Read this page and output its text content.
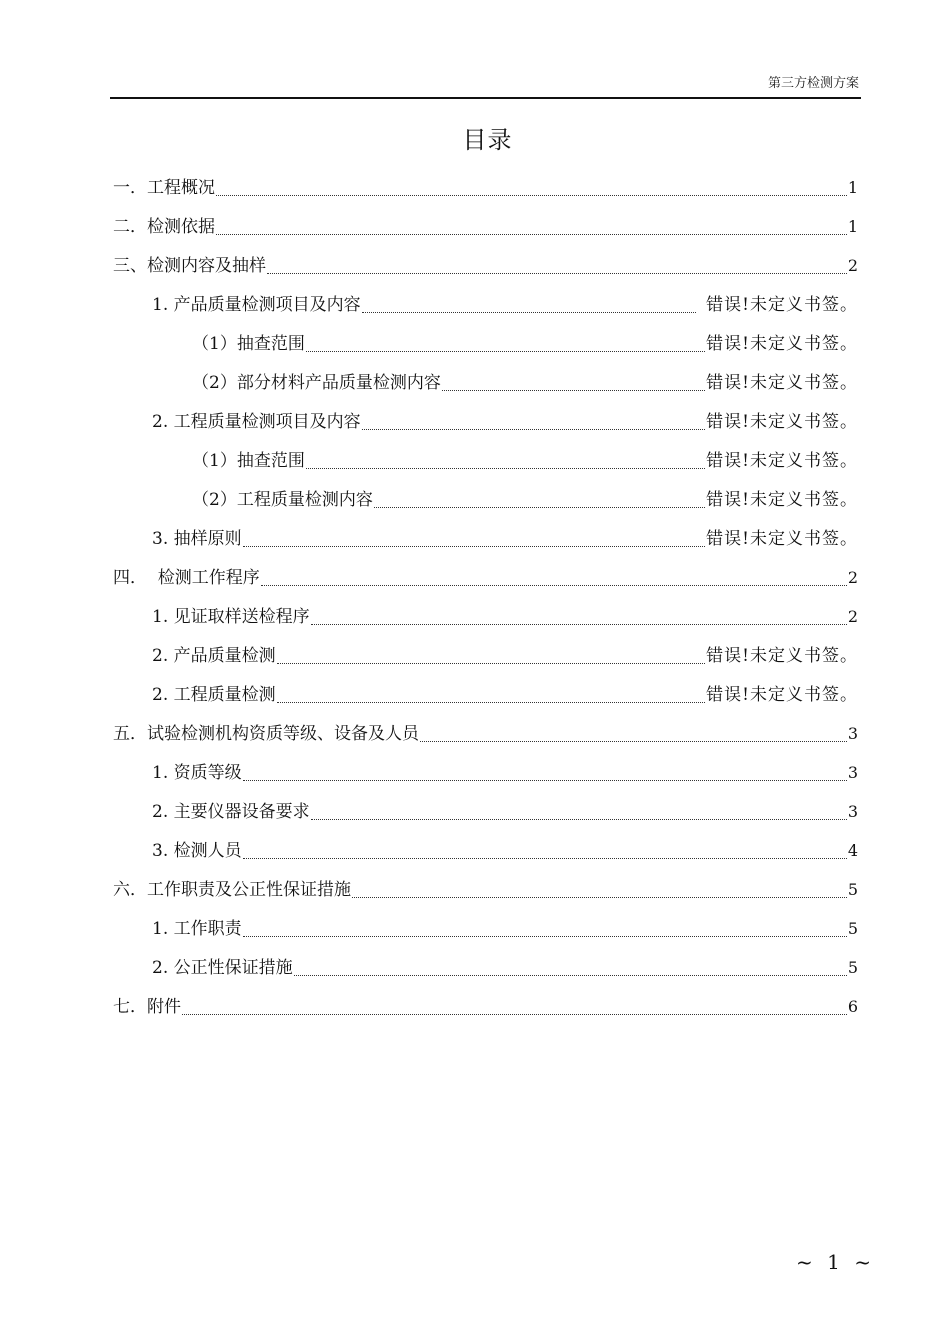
第三方检测方案
目录
一．工程概况	1
二．检测依据	1
三、检测内容及抽样	2
1. 产品质量检测项目及内容	错误!未定义书签。
（1）抽查范围	错误!未定义书签。
（2）部分材料产品质量检测内容	错误!未定义书签。
2. 工程质量检测项目及内容	错误!未定义书签。
（1）抽查范围	错误!未定义书签。
（2）工程质量检测内容	错误!未定义书签。
3. 抽样原则	错误!未定义书签。
四．  检测工作程序	2
1. 见证取样送检程序	2
2. 产品质量检测	错误!未定义书签。
2. 工程质量检测	错误!未定义书签。
五．试验检测机构资质等级、设备及人员	3
1. 资质等级	3
2. 主要仪器设备要求	3
3. 检测人员	4
六．工作职责及公正性保证措施	5
1. 工作职责	5
2. 公正性保证措施	5
七．附件	6
~ 1 ~
